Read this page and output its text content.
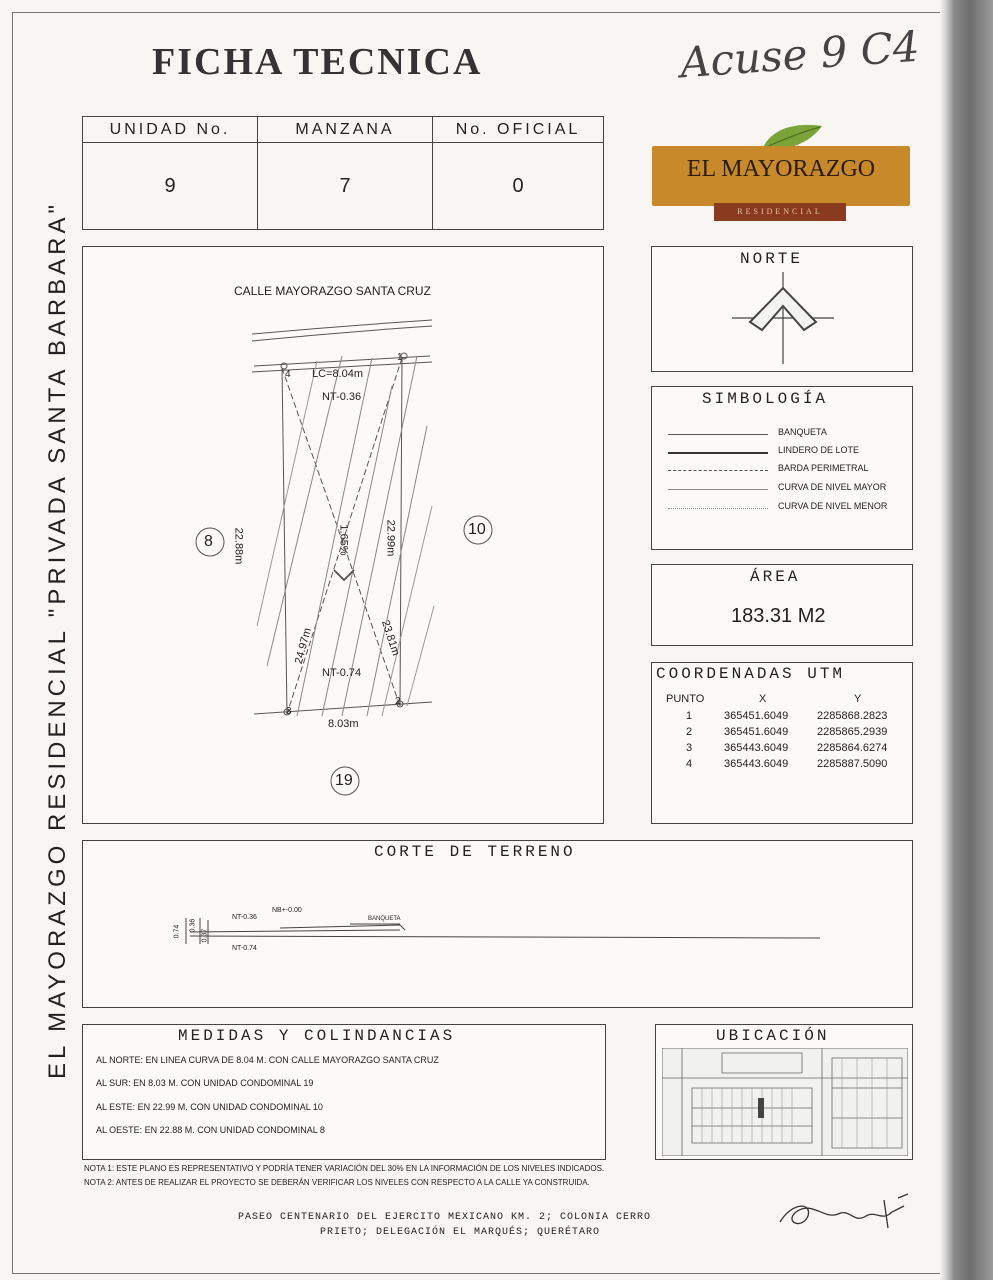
EL MAYORAZGO RESIDENCIAL "PRIVADA SANTA BARBARA"
FICHA TECNICA	Acuse 9 C4
UNIDAD No.	MANZANA	No. OFICIAL
9	7	0
EL MAYORAZGO
RESIDENCIAL
CALLE MAYORAZGO SANTA CRUZ
LC=8.04m
NT-0.36
NT-0.74
8.03m
22.88m	22.99m
1.65%
24.97m	23.81m
1
2
3
4
8
10
19
NORTE
SIMBOLOGÍA
BANQUETA
LINDERO DE LOTE
BARDA PERIMETRAL
CURVA DE NIVEL MAYOR
CURVA DE NIVEL MENOR
ÁREA
183.31 M2
COORDENADAS UTM
PUNTO	X	Y
1	365451.6049	2285868.2823
2	365451.6049	2285865.2939
3	365443.6049	2285864.6274
4	365443.6049	2285887.5090
CORTE DE TERRENO
NT-0.36
NB+-0.00
BANQUETA
NT-0.74
0.74 0.36
0.37
MEDIDAS Y COLINDANCIAS
AL NORTE: EN LINEA CURVA DE 8.04 M. CON CALLE MAYORAZGO SANTA CRUZ
AL SUR: EN 8.03 M. CON UNIDAD CONDOMINAL 19
AL ESTE: EN 22.99 M. CON UNIDAD CONDOMINAL 10
AL OESTE: EN 22.88 M. CON UNIDAD CONDOMINAL 8
UBICACIÓN
NOTA 1: ESTE PLANO ES REPRESENTATIVO Y PODRÍA TENER VARIACIÓN DEL 30% EN LA INFORMACIÓN DE LOS NIVELES INDICADOS.
NOTA 2: ANTES DE REALIZAR EL PROYECTO SE DEBERÁN VERIFICAR LOS NIVELES CON RESPECTO A LA CALLE YA CONSTRUIDA.
PASEO CENTENARIO DEL EJERCITO MEXICANO KM. 2; COLONIA CERRO
PRIETO; DELEGACIÓN EL MARQUÉS; QUERÉTARO
